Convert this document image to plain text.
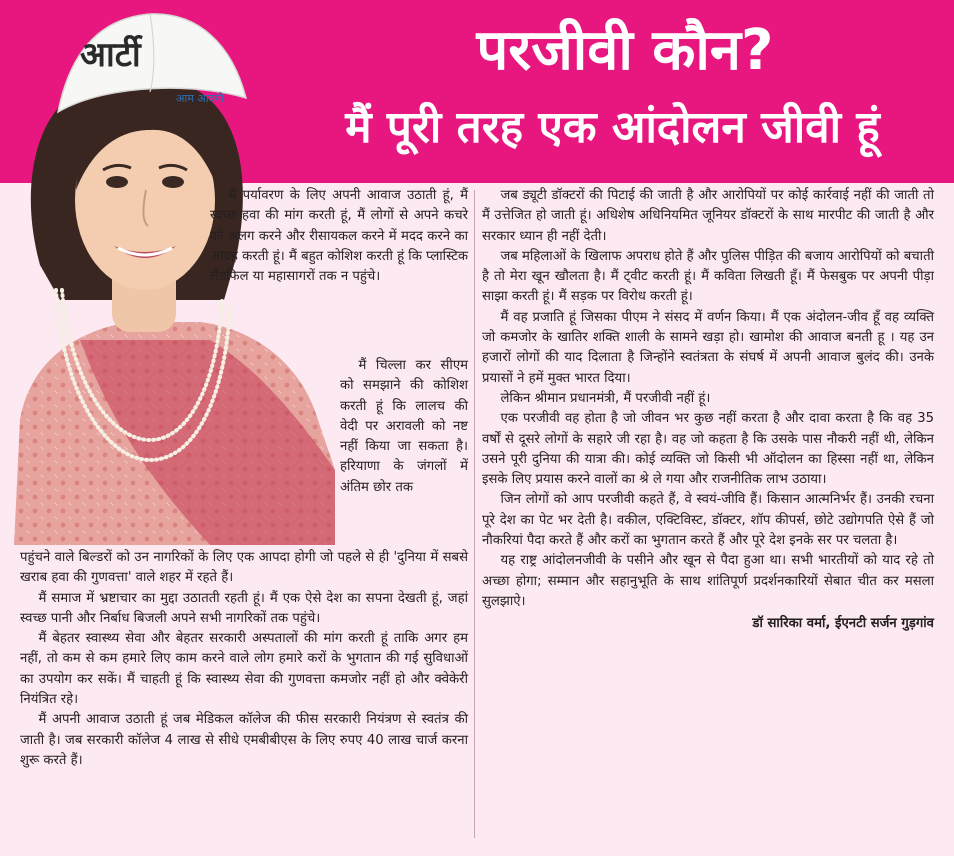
आर्टी
आम आदमी
परजीवी कौन?
मैं पूरी तरह एक आंदोलन जीवी हूं

मैं पर्यावरण के लिए अपनी आवाज उठाती हूं, मैं स्वच्छ हवा की मांग करती हूं, मैं लोगों से अपने कचरे को अलग करने और रीसायकल करने में मदद करने का आग्रह करती हूं। मैं बहुत कोशिश करती हूं कि प्लास्टिक लैंडफिल या महासागरों तक न पहुंचे।

मैं चिल्ला कर सीएम को समझाने की कोशिश करती हूं कि लालच की वेदी पर अरावली को नष्ट नहीं किया जा सकता है। हरियाणा के जंगलों में अंतिम छोर तक

पहुंचने वाले बिल्डरों को उन नागरिकों के लिए एक आपदा होगी जो पहले से ही 'दुनिया में सबसे खराब हवा की गुणवत्ता' वाले शहर में रहते हैं।

मैं समाज में भ्रष्टाचार का मुद्दा उठातती रहती हूं। मैं एक ऐसे देश का सपना देखती हूं, जहां स्वच्छ पानी और निर्बाध बिजली अपने सभी नागरिकों तक पहुंचे।

मैं बेहतर स्वास्थ्य सेवा और बेहतर सरकारी अस्पतालों की मांग करती हूं ताकि अगर हम नहीं, तो कम से कम हमारे लिए काम करने वाले लोग हमारे करों के भुगतान की गई सुविधाओं का उपयोग कर सकें। मैं चाहती हूं कि स्वास्थ्य सेवा की गुणवत्ता कमजोर नहीं हो और क्वेकेरी नियंत्रित रहे।

मैं अपनी आवाज उठाती हूं जब मेडिकल कॉलेज की फीस सरकारी नियंत्रण से स्वतंत्र की जाती है। जब सरकारी कॉलेज 4 लाख से सीधे एमबीबीएस के लिए रुपए 40 लाख चार्ज करना शुरू करते हैं।

जब ड्यूटी डॉक्टरों की पिटाई की जाती है और आरोपियों पर कोई कार्रवाई नहीं की जाती तो मैं उत्तेजित हो जाती हूं। अधिशेष अधिनियमित जूनियर डॉक्टरों के साथ मारपीट की जाती है और सरकार ध्यान ही नहीं देती।

जब महिलाओं के खिलाफ अपराध होते हैं और पुलिस पीड़ित की बजाय आरोपियों को बचाती है तो मेरा खून खौलता है। मैं ट्वीट करती हूं। मैं कविता लिखती हूँ। मैं फेसबुक पर अपनी पीड़ा साझा करती हूं। मैं सड़क पर विरोध करती हूं।

मैं वह प्रजाति हूं जिसका पीएम ने संसद में वर्णन किया। मैं एक अंदोलन-जीव हूँ वह व्यक्ति जो कमजोर के खातिर शक्ति शाली के सामने खड़ा हो। खामोश की आवाज बनती हू । यह उन हजारों लोगों की याद दिलाता है जिन्होंने स्वतंत्रता के संघर्ष में अपनी आवाज बुलंद की। उनके प्रयासों ने हमें मुक्त भारत दिया।

लेकिन श्रीमान प्रधानमंत्री, मैं परजीवी नहीं हूं।

एक परजीवी वह होता है जो जीवन भर कुछ नहीं करता है और दावा करता है कि वह 35 वर्षों से दूसरे लोगों के सहारे जी रहा है। वह जो कहता है कि उसके पास नौकरी नहीं थी, लेकिन उसने पूरी दुनिया की यात्रा की। कोई व्यक्ति जो किसी भी ऑदोलन का हिस्सा नहीं था, लेकिन इसके लिए प्रयास करने वालों का श्रे ले गया और राजनीतिक लाभ उठाया।

जिन लोगों को आप परजीवी कहते हैं, वे स्वयं-जीवि हैं। किसान आत्मनिर्भर हैं। उनकी रचना पूरे देश का पेट भर देती है। वकील, एक्टिविस्ट, डॉक्टर, शॉप कीपर्स, छोटे उद्योगपति ऐसे हैं जो नौकरियां पैदा करते हैं और करों का भुगतान करते हैं और पूरे देश इनके सर पर चलता है।

यह राष्ट्र आंदोलनजीवी के पसीने और खून से पैदा हुआ था। सभी भारतीयों को याद रहे तो अच्छा होगा; सम्मान और सहानुभूति के साथ शांतिपूर्ण प्रदर्शनकारियों सेबात चीत कर मसला सुलझाऐ।

डॉ सारिका वर्मा, ईएनटी सर्जन गुड़गांव
